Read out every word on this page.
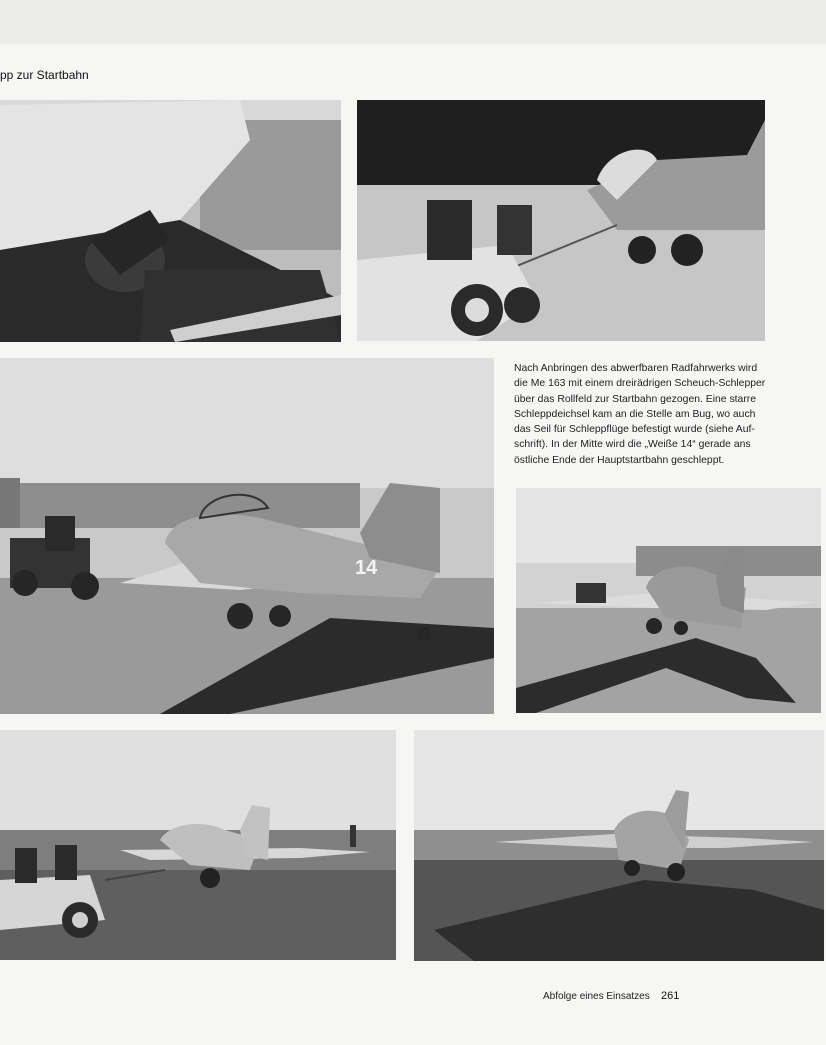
pp zur Startbahn
14
Nach Anbringen des abwerfbaren Radfahrwerks wird
die Me 163 mit einem dreirädrigen Scheuch-Schlepper
über das Rollfeld zur Startbahn gezogen. Eine starre
Schleppdeichsel kam an die Stelle am Bug, wo auch
das Seil für Schleppflüge befestigt wurde (siehe Auf-
schrift). In der Mitte wird die „Weiße 14“ gerade ans
östliche Ende der Hauptstartbahn geschleppt.
Abfolge eines Einsatzes 261
